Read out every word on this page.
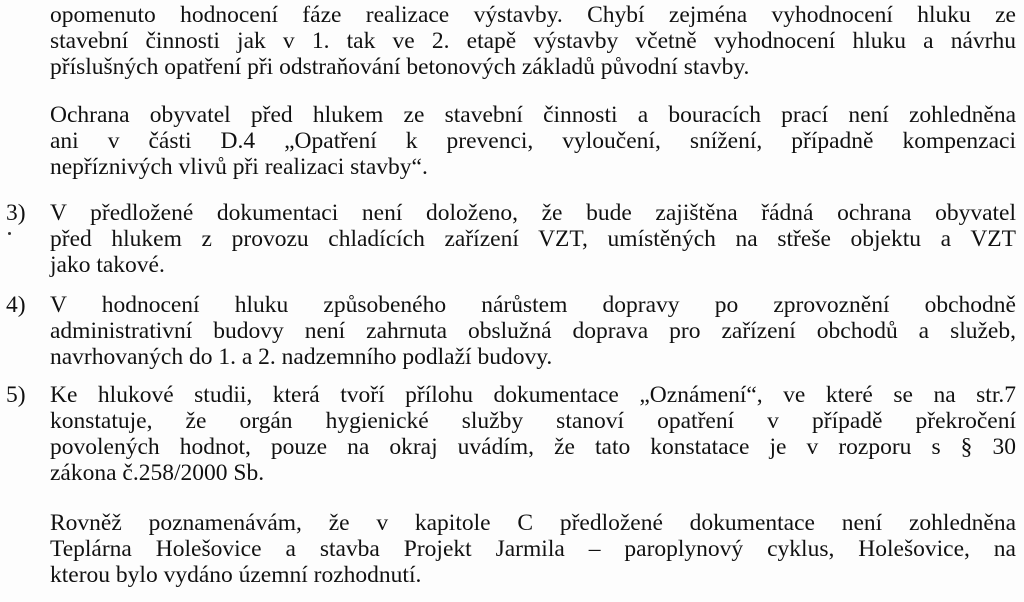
opomenuto hodnocení fáze realizace výstavby. Chybí zejména vyhodnocení hluku ze
stavební činnosti jak v 1. tak ve 2. etapě výstavby včetně vyhodnocení hluku a návrhu
příslušných opatření při odstraňování betonových základů původní stavby.
Ochrana obyvatel před hlukem ze stavební činnosti a bouracích prací není zohledněna
ani v části D.4 „Opatření k prevenci, vyloučení, snížení, případně kompenzaci
nepříznivých vlivů při realizaci stavby“.
3)	V předložené dokumentaci není doloženo, že bude zajištěna řádná ochrana obyvatel
před hlukem z provozu chladících zařízení VZT, umístěných na střeše objektu a VZT
jako takové.
4)	V hodnocení hluku způsobeného nárůstem dopravy po zprovoznění obchodně
administrativní budovy není zahrnuta obslužná doprava pro zařízení obchodů a služeb,
navrhovaných do 1. a 2. nadzemního podlaží budovy.
5)	Ke hlukové studii, která tvoří přílohu dokumentace „Oznámení“, ve které se na str.7
konstatuje, že orgán hygienické služby stanoví opatření v případě překročení
povolených hodnot, pouze na okraj uvádím, že tato konstatace je v rozporu s § 30
zákona č.258/2000 Sb.
Rovněž poznamenávám, že v kapitole C předložené dokumentace není zohledněna
Teplárna Holešovice a stavba Projekt Jarmila – paroplynový cyklus, Holešovice, na
kterou bylo vydáno územní rozhodnutí.
